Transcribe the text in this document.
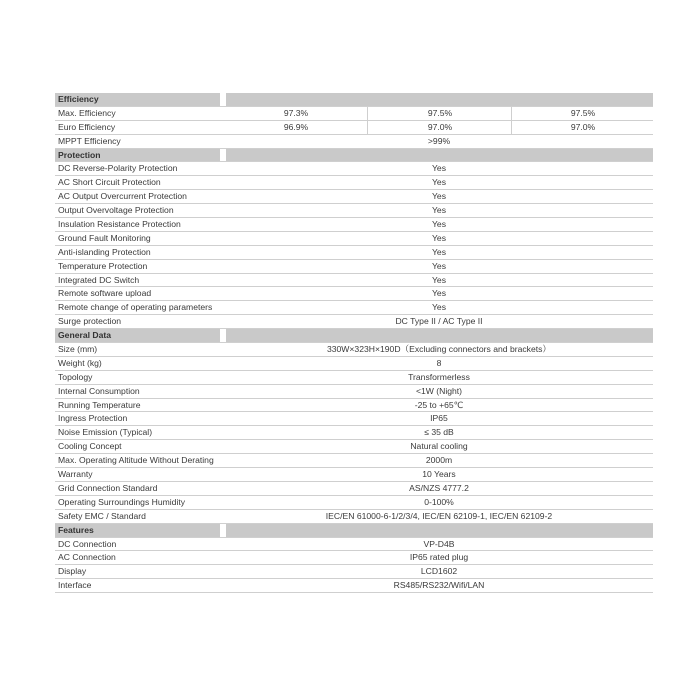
Efficiency
Max. Efficiency	97.3%	97.5%	97.5%
Euro Efficiency	96.9%	97.0%	97.0%
MPPT Efficiency	>99%
Protection
DC Reverse-Polarity Protection	Yes
AC Short Circuit Protection	Yes
AC Output Overcurrent Protection	Yes
Output Overvoltage Protection	Yes
Insulation Resistance Protection	Yes
Ground Fault Monitoring	Yes
Anti-islanding Protection	Yes
Temperature Protection	Yes
Integrated DC Switch	Yes
Remote software upload	Yes
Remote change of operating parameters	Yes
Surge protection	DC Type II / AC Type II
General Data
Size (mm)	330W×323H×190D（Excluding connectors and brackets）
Weight (kg)	8
Topology	Transformerless
Internal Consumption	<1W (Night)
Running Temperature	-25 to +65℃
Ingress Protection	IP65
Noise Emission (Typical)	≤ 35 dB
Cooling Concept	Natural cooling
Max. Operating Altitude Without Derating	2000m
Warranty	10 Years
Grid Connection Standard	AS/NZS 4777.2
Operating Surroundings Humidity	0-100%
Safety EMC / Standard	IEC/EN 61000-6-1/2/3/4, IEC/EN 62109-1, IEC/EN 62109-2
Features
DC Connection	VP-D4B
AC Connection	IP65 rated plug
Display	LCD1602
Interface	RS485/RS232/Wifi/LAN
